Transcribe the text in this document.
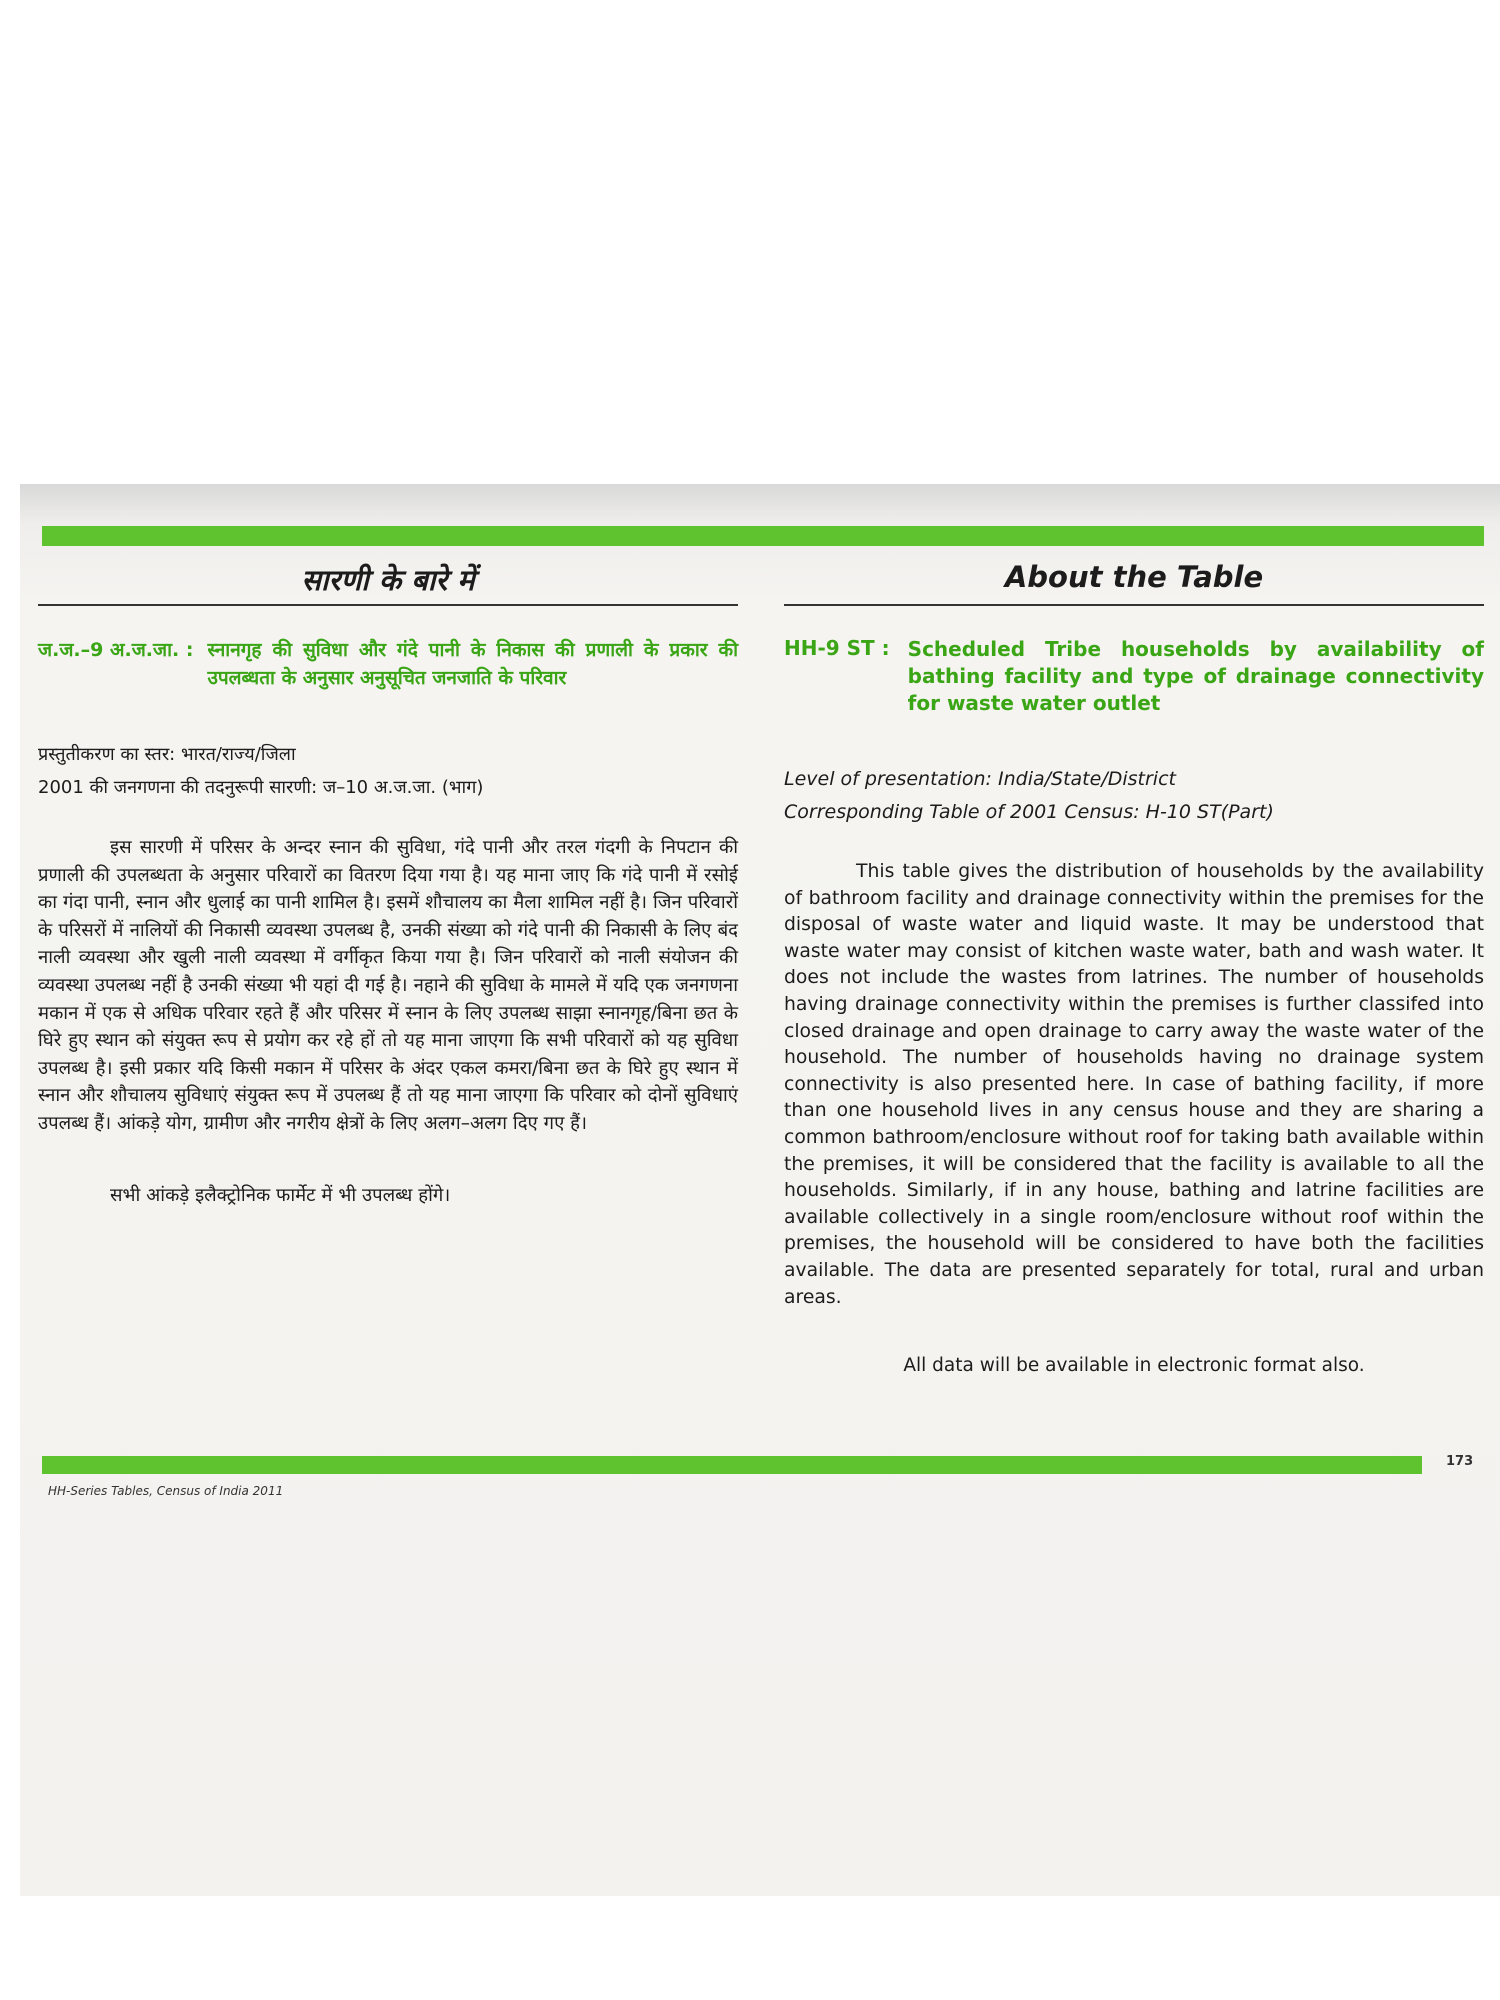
सारणी के बारे में
ज.ज.–9 अ.ज.जा. : स्नानगृह की सुविधा और गंदे पानी के निकास की प्रणाली के प्रकार की उपलब्धता के अनुसार अनुसूचित जनजाति के परिवार
प्रस्तुतीकरण का स्तर: भारत/राज्य/जिला
2001 की जनगणना की तदनुरूपी सारणी: ज–10 अ.ज.जा. (भाग)
इस सारणी में परिसर के अन्दर स्नान की सुविधा, गंदे पानी और तरल गंदगी के निपटान की प्रणाली की उपलब्धता के अनुसार परिवारों का वितरण दिया गया है। यह माना जाए कि गंदे पानी में रसोई का गंदा पानी, स्नान और धुलाई का पानी शामिल है। इसमें शौचालय का मैला शामिल नहीं है। जिन परिवारों के परिसरों में नालियों की निकासी व्यवस्था उपलब्ध है, उनकी संख्या को गंदे पानी की निकासी के लिए बंद नाली व्यवस्था और खुली नाली व्यवस्था में वर्गीकृत किया गया है। जिन परिवारों को नाली संयोजन की व्यवस्था उपलब्ध नहीं है उनकी संख्या भी यहां दी गई है। नहाने की सुविधा के मामले में यदि एक जनगणना मकान में एक से अधिक परिवार रहते हैं और परिसर में स्नान के लिए उपलब्ध साझा स्नानगृह/बिना छत के घिरे हुए स्थान को संयुक्त रूप से प्रयोग कर रहे हों तो यह माना जाएगा कि सभी परिवारों को यह सुविधा उपलब्ध है। इसी प्रकार यदि किसी मकान में परिसर के अंदर एकल कमरा/बिना छत के घिरे हुए स्थान में स्नान और शौचालय सुविधाएं संयुक्त रूप में उपलब्ध हैं तो यह माना जाएगा कि परिवार को दोनों सुविधाएं उपलब्ध हैं। आंकड़े योग, ग्रामीण और नगरीय क्षेत्रों के लिए अलग–अलग दिए गए हैं।
सभी आंकड़े इलैक्ट्रोनिक फार्मेट में भी उपलब्ध होंगे।
About the Table
HH-9 ST : Scheduled Tribe households by availability of bathing facility and type of drainage connectivity for waste water outlet
Level of presentation: India/State/District
Corresponding Table of 2001 Census: H-10 ST(Part)
This table gives the distribution of households by the availability of bathroom facility and drainage connectivity within the premises for the disposal of waste water and liquid waste. It may be understood that waste water may consist of kitchen waste water, bath and wash water. It does not include the wastes from latrines. The number of households having drainage connectivity within the premises is further classifed into closed drainage and open drainage to carry away the waste water of the household. The number of households having no drainage system connectivity is also presented here. In case of bathing facility, if more than one household lives in any census house and they are sharing a common bathroom/enclosure without roof for taking bath available within the premises, it will be considered that the facility is available to all the households. Similarly, if in any house, bathing and latrine facilities are available collectively in a single room/enclosure without roof within the premises, the household will be considered to have both the facilities available. The data are presented separately for total, rural and urban areas.
All data will be available in electronic format also.
173
HH-Series Tables, Census of India 2011
